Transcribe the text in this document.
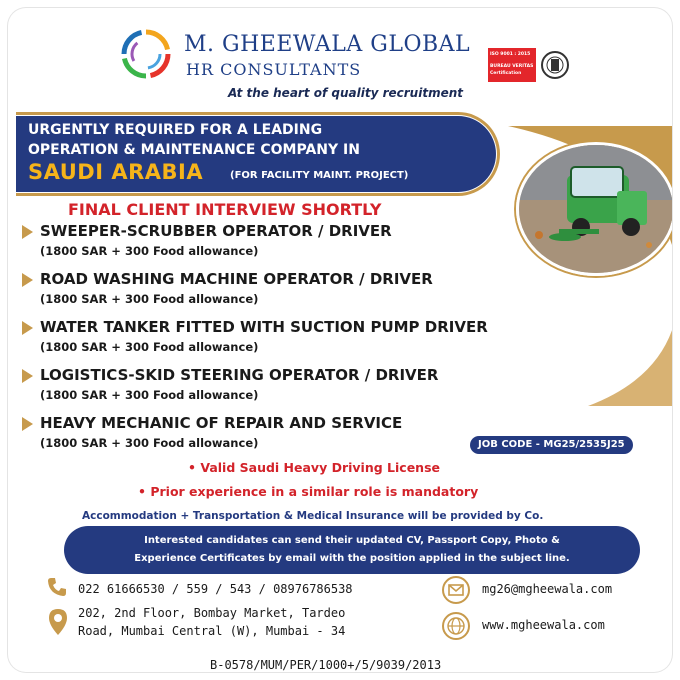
M. GHEEWALA GLOBAL
HR CONSULTANTS
At the heart of quality recruitment
ISO 9001 : 2015
BUREAU VERITAS
Certification
URGENTLY REQUIRED FOR A LEADING
OPERATION & MAINTENANCE COMPANY IN
SAUDI ARABIA	(FOR FACILITY MAINT. PROJECT)
FINAL CLIENT INTERVIEW SHORTLY
SWEEPER-SCRUBBER OPERATOR / DRIVER
(1800 SAR + 300 Food allowance)
ROAD WASHING MACHINE OPERATOR / DRIVER
(1800 SAR + 300 Food allowance)
WATER TANKER FITTED WITH SUCTION PUMP DRIVER
(1800 SAR + 300 Food allowance)
LOGISTICS-SKID STEERING OPERATOR / DRIVER
(1800 SAR + 300 Food allowance)
HEAVY MECHANIC OF REPAIR AND SERVICE
(1800 SAR + 300 Food allowance)	JOB CODE - MG25/2535J25
• Valid Saudi Heavy Driving License
• Prior experience in a similar role is mandatory
Accommodation + Transportation & Medical Insurance will be provided by Co.
Interested candidates can send their updated CV, Passport Copy, Photo &
Experience Certificates by email with the position applied in the subject line.
022 61666530 / 559 / 543 / 08976786538
202, 2nd Floor, Bombay Market, Tardeo
Road, Mumbai Central (W), Mumbai - 34
mg26@mgheewala.com
www.mgheewala.com
B-0578/MUM/PER/1000+/5/9039/2013
